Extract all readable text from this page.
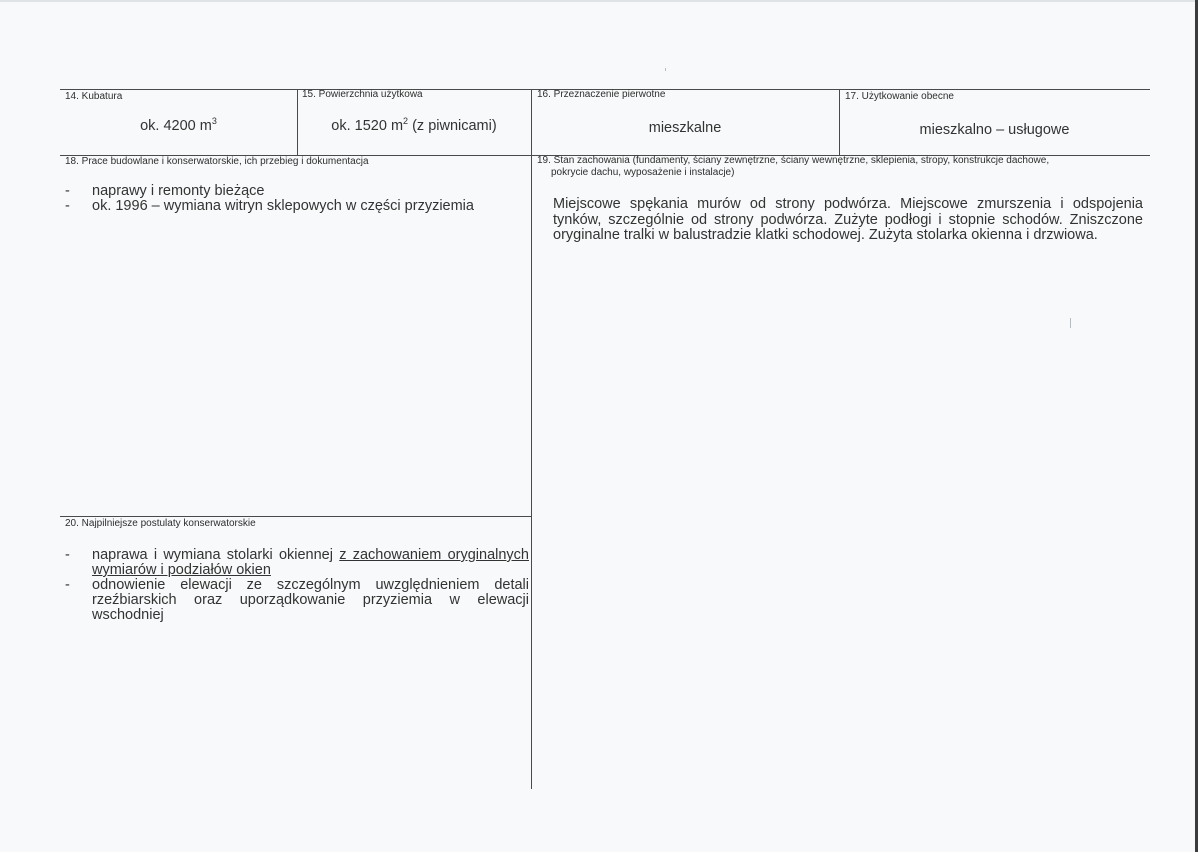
14. Kubatura
ok. 4200 $m^3$
15. Powierzchnia użytkowa
ok. 1520 $m^2$ (z piwnicami)
16. Przeznaczenie pierwotne
mieszkalne
17. Użytkowanie obecne
mieszkalno – usługowe
18. Prace budowlane i konserwatorskie, ich przebieg i dokumentacja
- naprawy i remonty bieżące
- ok. 1996 – wymiana witryn sklepowych w części przyziemia
19. Stan zachowania (fundamenty, ściany zewnętrzne, ściany wewnętrzne, sklepienia, stropy, konstrukcje dachowe,
pokrycie dachu, wyposażenie i instalacje)
Miejscowe spękania murów od strony podwórza. Miejscowe zmurszenia i odspojenia tynków, szczególnie od strony podwórza. Zużyte podłogi i stopnie schodów. Zniszczone oryginalne tralki w balustradzie klatki schodowej. Zużyta stolarka okienna i drzwiowa.
20. Najpilniejsze postulaty konserwatorskie
- naprawa i wymiana stolarki okiennej z zachowaniem oryginalnych
wymiarów i podziałów okien
- odnowienie elewacji ze szczególnym uwzględnieniem detali
rzeźbiarskich oraz uporządkowanie przyziemia w elewacji wschodniej
